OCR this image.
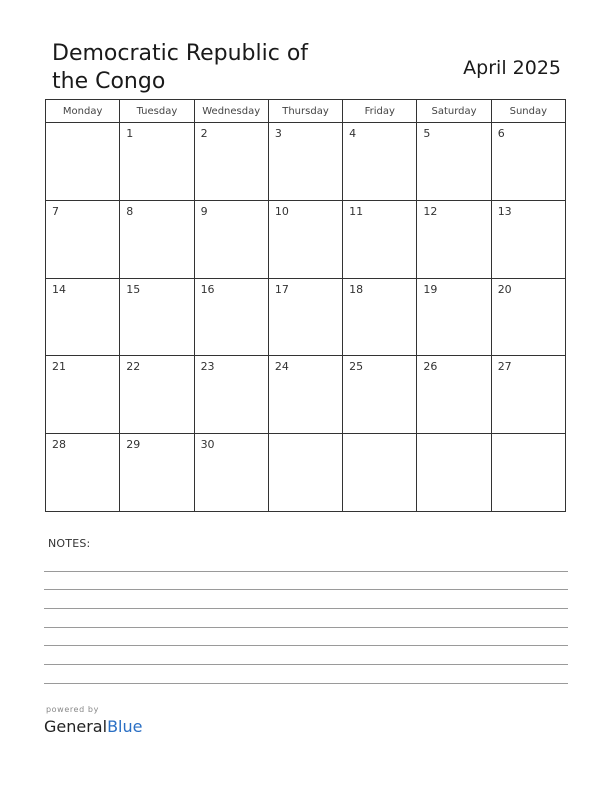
Democratic Republic of
the Congo
April 2025
Monday	Tuesday	Wednesday	Thursday	Friday	Saturday	Sunday

	1	2	3	4	5	6

7	8	9	10	11	12	13

14	15	16	17	18	19	20

21	22	23	24	25	26	27

28	29	30				

NOTES:
powered by
GeneralBlue
